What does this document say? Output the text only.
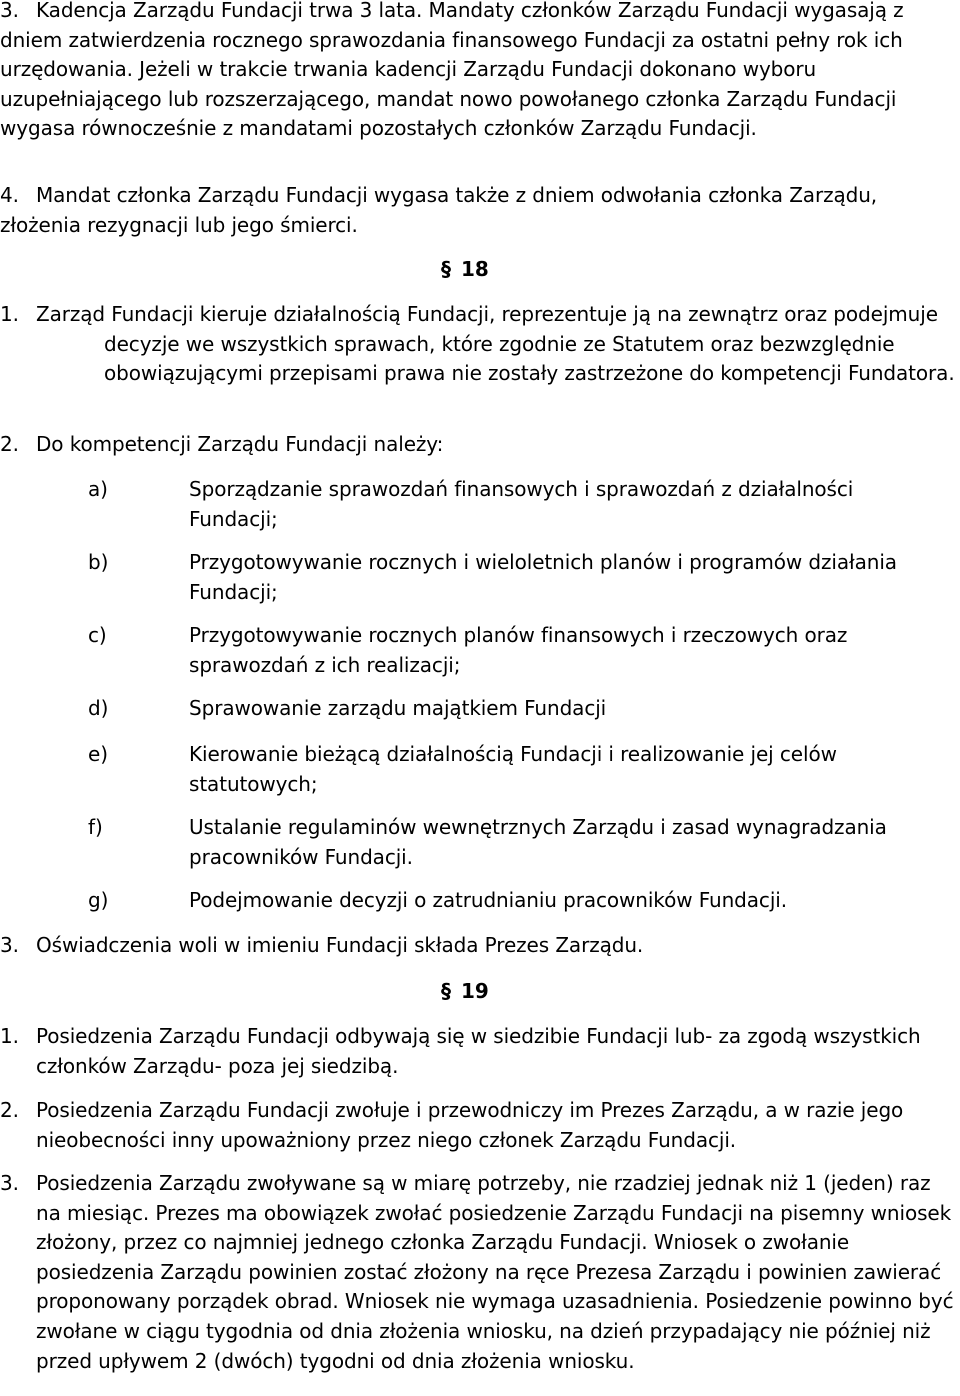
3. Kadencja Zarządu Fundacji trwa 3 lata. Mandaty członków Zarządu Fundacji wygasają z dniem zatwierdzenia rocznego sprawozdania finansowego Fundacji za ostatni pełny rok ich urzędowania. Jeżeli w trakcie trwania kadencji Zarządu Fundacji dokonano wyboru uzupełniającego lub rozszerzającego, mandat nowo powołanego członka Zarządu Fundacji wygasa równocześnie z mandatami pozostałych członków Zarządu Fundacji.
4. Mandat członka Zarządu Fundacji wygasa także z dniem odwołania członka Zarządu, złożenia rezygnacji lub jego śmierci.
§ 18
1. Zarząd Fundacji kieruje działalnością Fundacji, reprezentuje ją na zewnątrz oraz podejmuje decyzje we wszystkich sprawach, które zgodnie ze Statutem oraz bezwzględnie obowiązującymi przepisami prawa nie zostały zastrzeżone do kompetencji Fundatora.
2. Do kompetencji Zarządu Fundacji należy:
a)	Sporządzanie sprawozdań finansowych i sprawozdań z działalności Fundacji;
b)	Przygotowywanie rocznych i wieloletnich planów i programów działania Fundacji;
c)	Przygotowywanie rocznych planów finansowych i rzeczowych oraz sprawozdań z ich realizacji;
d)	Sprawowanie zarządu majątkiem Fundacji
e)	Kierowanie bieżącą działalnością Fundacji i realizowanie jej celów statutowych;
f)	Ustalanie regulaminów wewnętrznych Zarządu i zasad wynagradzania pracowników Fundacji.
g)	Podejmowanie decyzji o zatrudnianiu pracowników Fundacji.
3. Oświadczenia woli w imieniu Fundacji składa Prezes Zarządu.
§ 19
1. Posiedzenia Zarządu Fundacji odbywają się w siedzibie Fundacji lub- za zgodą wszystkich członków Zarządu- poza jej siedzibą.
2. Posiedzenia Zarządu Fundacji zwołuje i przewodniczy im Prezes Zarządu, a w razie jego nieobecności inny upoważniony przez niego członek Zarządu Fundacji.
3. Posiedzenia Zarządu zwoływane są w miarę potrzeby, nie rzadziej jednak niż 1 (jeden) raz na miesiąc. Prezes ma obowiązek zwołać posiedzenie Zarządu Fundacji na pisemny wniosek złożony, przez co najmniej jednego członka Zarządu Fundacji. Wniosek o zwołanie posiedzenia Zarządu powinien zostać złożony na ręce Prezesa Zarządu i powinien zawierać proponowany porządek obrad. Wniosek nie wymaga uzasadnienia. Posiedzenie powinno być zwołane w ciągu tygodnia od dnia złożenia wniosku, na dzień przypadający nie później niż przed upływem 2 (dwóch) tygodni od dnia złożenia wniosku.
